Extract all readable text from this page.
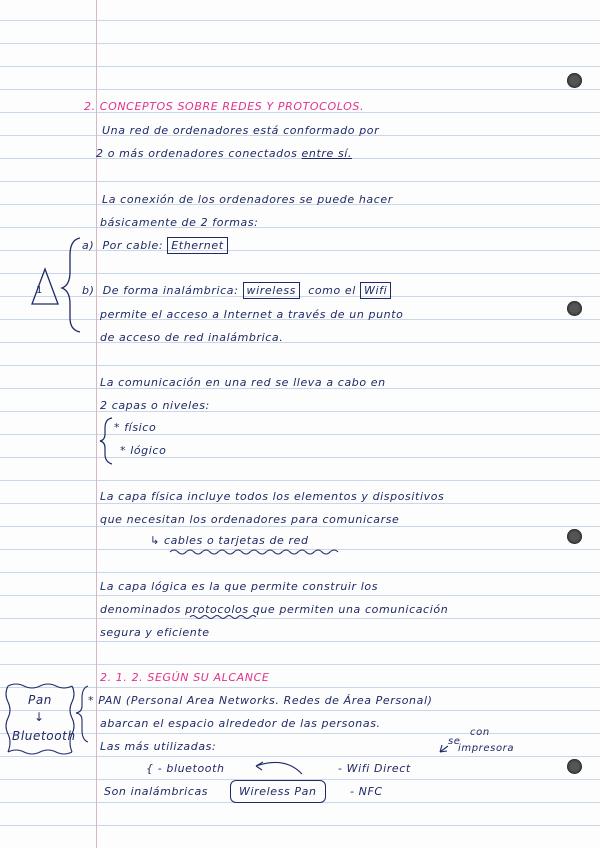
2. CONCEPTOS SOBRE REDES Y PROTOCOLOS.

Una red de ordenadores está conformado por

2 o más ordenadores conectados entre sí.

La conexión de los ordenadores se puede hacer

básicamente de 2 formas:

a) Por cable: Ethernet

b) De forma inalámbrica: wireless como el Wifi

1

permite el acceso a Internet a través de un punto

de acceso de red inalámbrica.

La comunicación en una red se lleva a cabo en

2 capas o niveles:

* físico

* lógico

La capa física incluye todos los elementos y dispositivos

que necesitan los ordenadores para comunicarse

↳ cables o tarjetas de red

La capa lógica es la que permite construir los

denominados protocolos que permiten una comunicación

segura y eficiente

2. 1. 2. SEGÚN SU ALCANCE

Pan

↓

Bluetooth

* PAN (Personal Area Networks. Redes de Área Personal)

abarcan el espacio alrededor de las personas.

Las más utilizadas:	se

con

impresora

{ - bluetooth	- Wifi Direct

Son inalámbricas	Wireless Pan	- NFC
